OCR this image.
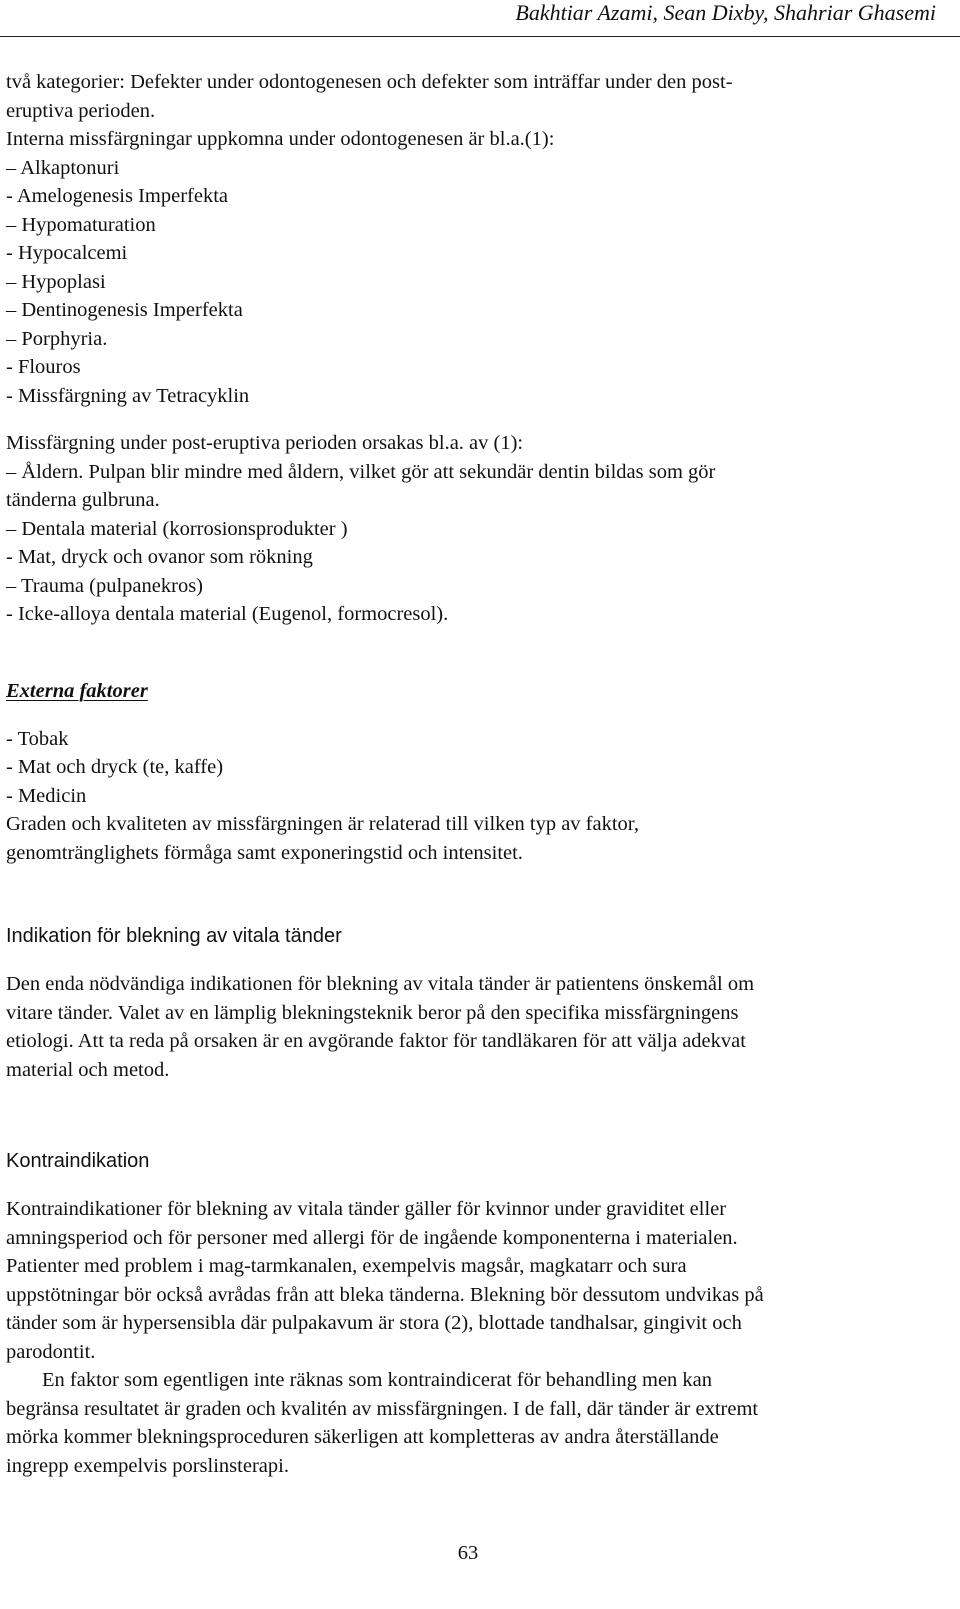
Bakhtiar Azami, Sean Dixby, Shahriar Ghasemi
två kategorier: Defekter under odontogenesen och defekter som inträffar under den post-
eruptiva perioden.
Interna missfärgningar uppkomna under odontogenesen är bl.a.(1):
– Alkaptonuri
- Amelogenesis Imperfekta
– Hypomaturation
- Hypocalcemi
– Hypoplasi
– Dentinogenesis Imperfekta
– Porphyria.
- Flouros
- Missfärgning av Tetracyklin
Missfärgning under post-eruptiva perioden orsakas bl.a. av (1):
– Åldern. Pulpan blir mindre med åldern, vilket gör att sekundär dentin bildas som gör
tänderna gulbruna.
– Dentala material (korrosionsprodukter )
- Mat, dryck och ovanor som rökning
– Trauma (pulpanekros)
- Icke-alloya dentala material (Eugenol, formocresol).
Externa faktorer
- Tobak
- Mat och dryck (te, kaffe)
- Medicin
Graden och kvaliteten av missfärgningen är relaterad till vilken typ av faktor,
genomtränglighets förmåga samt exponeringstid och intensitet.
Indikation för blekning av vitala tänder
Den enda nödvändiga indikationen för blekning av vitala tänder är patientens önskemål om
vitare tänder. Valet av en lämplig blekningsteknik beror på den specifika missfärgningens
etiologi. Att ta reda på orsaken är en avgörande faktor för tandläkaren för att välja adekvat
material och metod.
Kontraindikation
Kontraindikationer för blekning av vitala tänder gäller för kvinnor under graviditet eller
amningsperiod och för personer med allergi för de ingående komponenterna i materialen.
Patienter med problem i mag-tarmkanalen, exempelvis magsår, magkatarr och sura
uppstötningar bör också avrådas från att bleka tänderna. Blekning bör dessutom undvikas på
tänder som är hypersensibla där pulpakavum är stora (2), blottade tandhalsar, gingivit och
parodontit.
En faktor som egentligen inte räknas som kontraindicerat för behandling men kan
begränsa resultatet är graden och kvalitén av missfärgningen. I de fall, där tänder är extremt
mörka kommer blekningsproceduren säkerligen att kompletteras av andra återställande
ingrepp exempelvis porslinsterapi.
63
